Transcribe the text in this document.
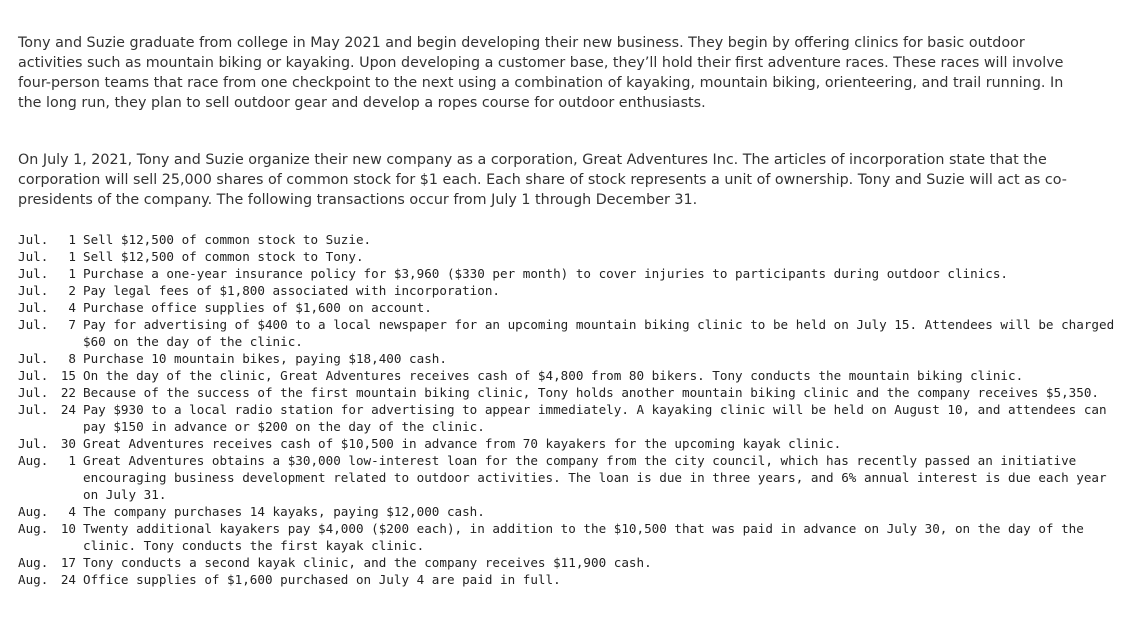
Tony and Suzie graduate from college in May 2021 and begin developing their new business. They begin by offering clinics for basic outdoor activities such as mountain biking or kayaking. Upon developing a customer base, they’ll hold their first adventure races. These races will involve four-person teams that race from one checkpoint to the next using a combination of kayaking, mountain biking, orienteering, and trail running. In the long run, they plan to sell outdoor gear and develop a ropes course for outdoor enthusiasts.

On July 1, 2021, Tony and Suzie organize their new company as a corporation, Great Adventures Inc. The articles of incorporation state that the corporation will sell 25,000 shares of common stock for $1 each. Each share of stock represents a unit of ownership. Tony and Suzie will act as co-presidents of the company. The following transactions occur from July 1 through December 31.

Jul.	1 Sell $12,500 of common stock to Suzie.
Jul.	1 Sell $12,500 of common stock to Tony.
Jul.	1 Purchase a one-year insurance policy for $3,960 ($330 per month) to cover injuries to participants during outdoor clinics.
Jul.	2 Pay legal fees of $1,800 associated with incorporation.
Jul.	4 Purchase office supplies of $1,600 on account.
Jul.	7 Pay for advertising of $400 to a local newspaper for an upcoming mountain biking clinic to be held on July 15. Attendees will be charged $60 on the day of the clinic.
Jul.	8 Purchase 10 mountain bikes, paying $18,400 cash.
Jul. 15 On the day of the clinic, Great Adventures receives cash of $4,800 from 80 bikers. Tony conducts the mountain biking clinic.
Jul. 22 Because of the success of the first mountain biking clinic, Tony holds another mountain biking clinic and the company receives $5,350.
Jul. 24 Pay $930 to a local radio station for advertising to appear immediately. A kayaking clinic will be held on August 10, and attendees can pay $150 in advance or $200 on the day of the clinic.
Jul. 30 Great Adventures receives cash of $10,500 in advance from 70 kayakers for the upcoming kayak clinic.
Aug.	1 Great Adventures obtains a $30,000 low-interest loan for the company from the city council, which has recently passed an initiative encouraging business development related to outdoor activities. The loan is due in three years, and 6% annual interest is due each year on July 31.
Aug.	4 The company purchases 14 kayaks, paying $12,000 cash.
Aug. 10 Twenty additional kayakers pay $4,000 ($200 each), in addition to the $10,500 that was paid in advance on July 30, on the day of the clinic. Tony conducts the first kayak clinic.
Aug. 17 Tony conducts a second kayak clinic, and the company receives $11,900 cash.
Aug. 24 Office supplies of $1,600 purchased on July 4 are paid in full.
